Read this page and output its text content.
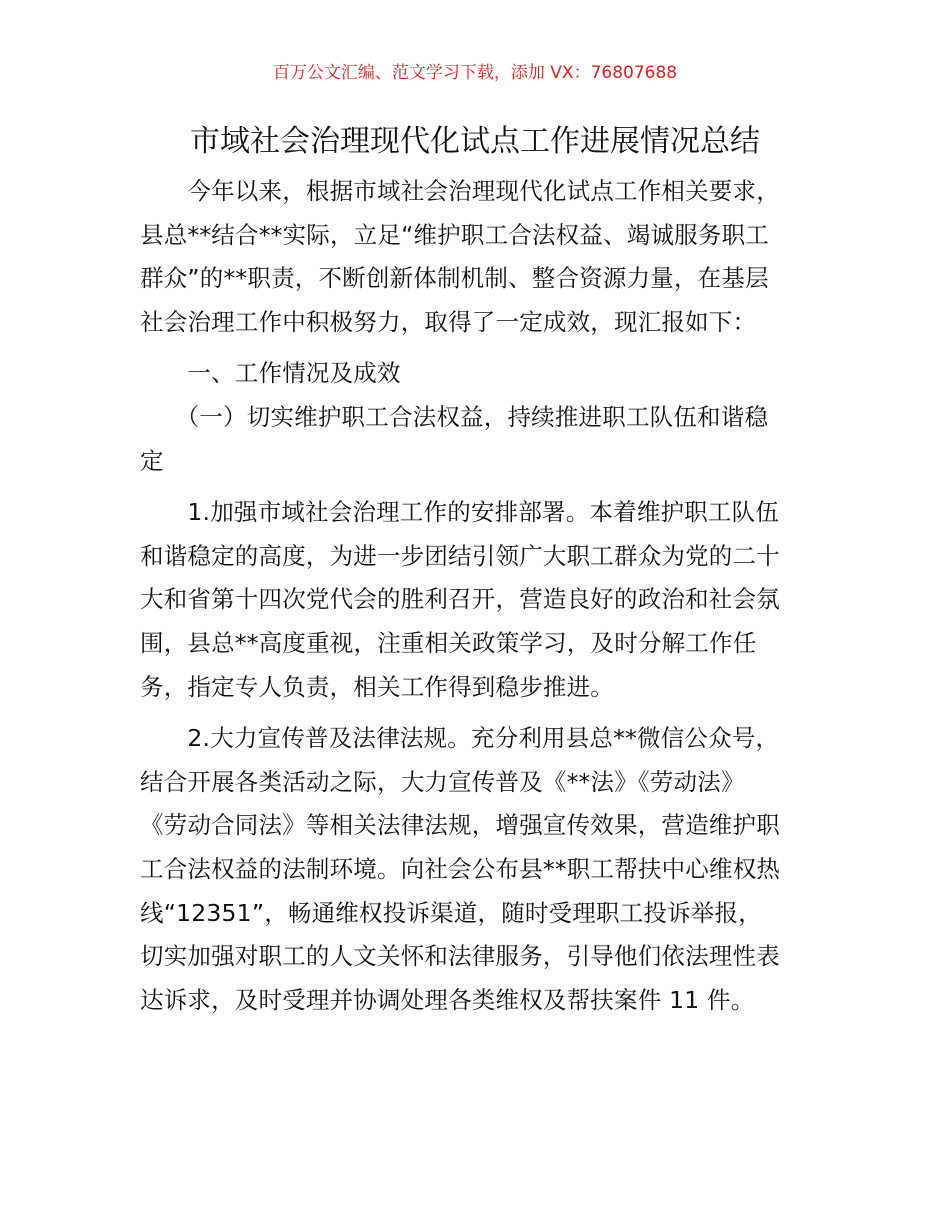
百万公文汇编、范文学习下载，添加 VX：76807688
市域社会治理现代化试点工作进展情况总结
　　今年以来，根据市域社会治理现代化试点工作相关要求，
县总**结合**实际，立足“维护职工合法权益、竭诚服务职工
群众”的**职责，不断创新体制机制、整合资源力量，在基层
社会治理工作中积极努力，取得了一定成效，现汇报如下：
　　一、工作情况及成效
　　（一）切实维护职工合法权益，持续推进职工队伍和谐稳
定
　　1.加强市域社会治理工作的安排部署。本着维护职工队伍
和谐稳定的高度，为进一步团结引领广大职工群众为党的二十
大和省第十四次党代会的胜利召开，营造良好的政治和社会氛
围，县总**高度重视，注重相关政策学习，及时分解工作任
务，指定专人负责，相关工作得到稳步推进。
　　2.大力宣传普及法律法规。充分利用县总**微信公众号，
结合开展各类活动之际，大力宣传普及《**法》《劳动法》
《劳动合同法》等相关法律法规，增强宣传效果，营造维护职
工合法权益的法制环境。向社会公布县**职工帮扶中心维权热
线“12351”，畅通维权投诉渠道，随时受理职工投诉举报，
切实加强对职工的人文关怀和法律服务，引导他们依法理性表
达诉求，及时受理并协调处理各类维权及帮扶案件 11 件。
